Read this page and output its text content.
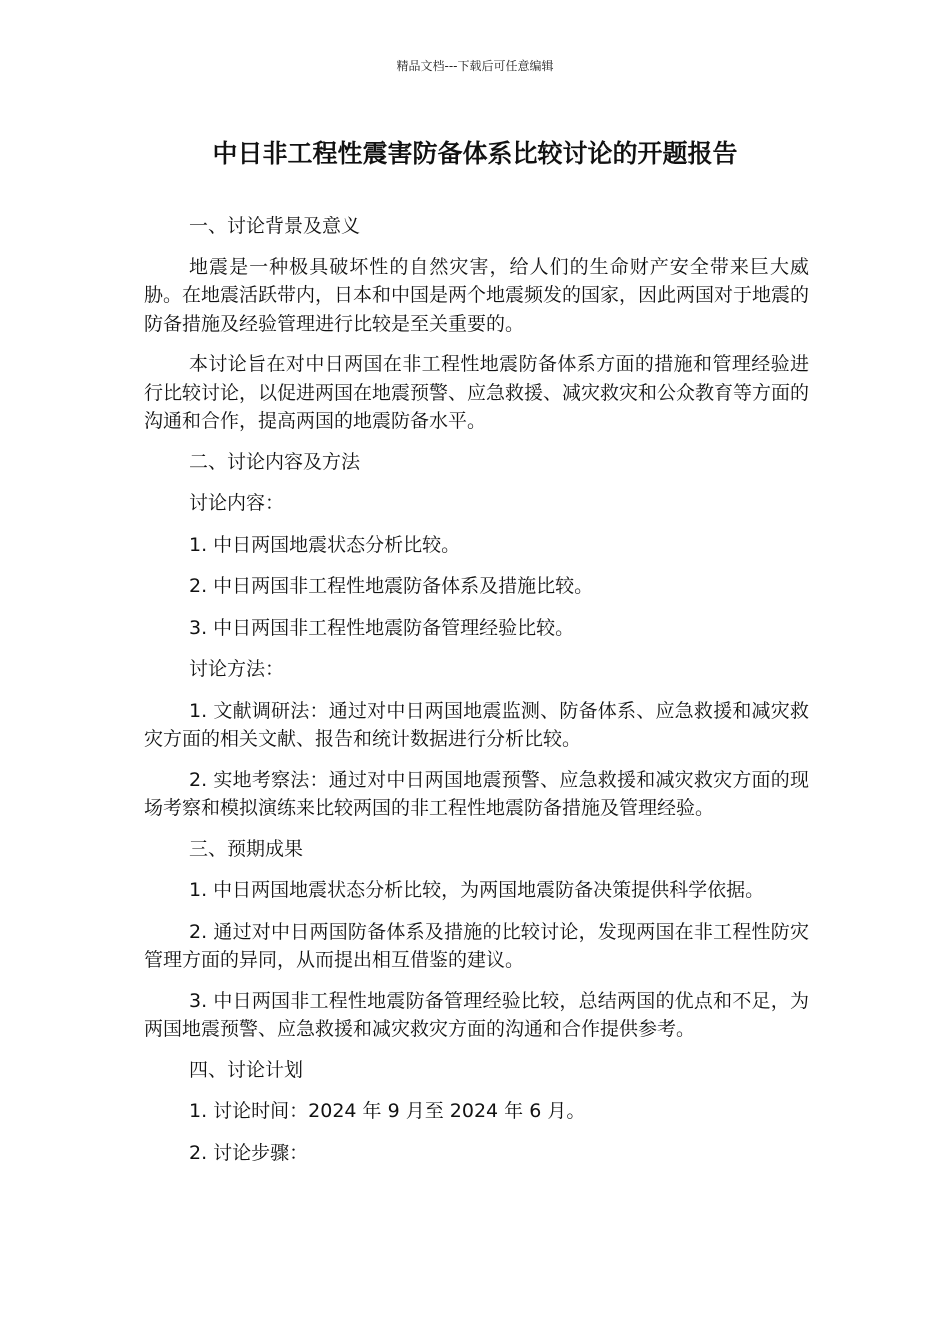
精品文档---下载后可任意编辑
中日非工程性震害防备体系比较讨论的开题报告

一、讨论背景及意义

地震是一种极具破坏性的自然灾害，给人们的生命财产安全带来巨大威胁。在地震活跃带内，日本和中国是两个地震频发的国家，因此两国对于地震的防备措施及经验管理进行比较是至关重要的。

本讨论旨在对中日两国在非工程性地震防备体系方面的措施和管理经验进行比较讨论，以促进两国在地震预警、应急救援、减灾救灾和公众教育等方面的沟通和合作，提高两国的地震防备水平。

二、讨论内容及方法

讨论内容：

1. 中日两国地震状态分析比较。

2. 中日两国非工程性地震防备体系及措施比较。

3. 中日两国非工程性地震防备管理经验比较。

讨论方法：

1. 文献调研法：通过对中日两国地震监测、防备体系、应急救援和减灾救灾方面的相关文献、报告和统计数据进行分析比较。

2. 实地考察法：通过对中日两国地震预警、应急救援和减灾救灾方面的现场考察和模拟演练来比较两国的非工程性地震防备措施及管理经验。

三、预期成果

1. 中日两国地震状态分析比较，为两国地震防备决策提供科学依据。

2. 通过对中日两国防备体系及措施的比较讨论，发现两国在非工程性防灾管理方面的异同，从而提出相互借鉴的建议。

3. 中日两国非工程性地震防备管理经验比较，总结两国的优点和不足，为两国地震预警、应急救援和减灾救灾方面的沟通和合作提供参考。

四、讨论计划

1. 讨论时间：2024 年 9 月至 2024 年 6 月。

2. 讨论步骤：
